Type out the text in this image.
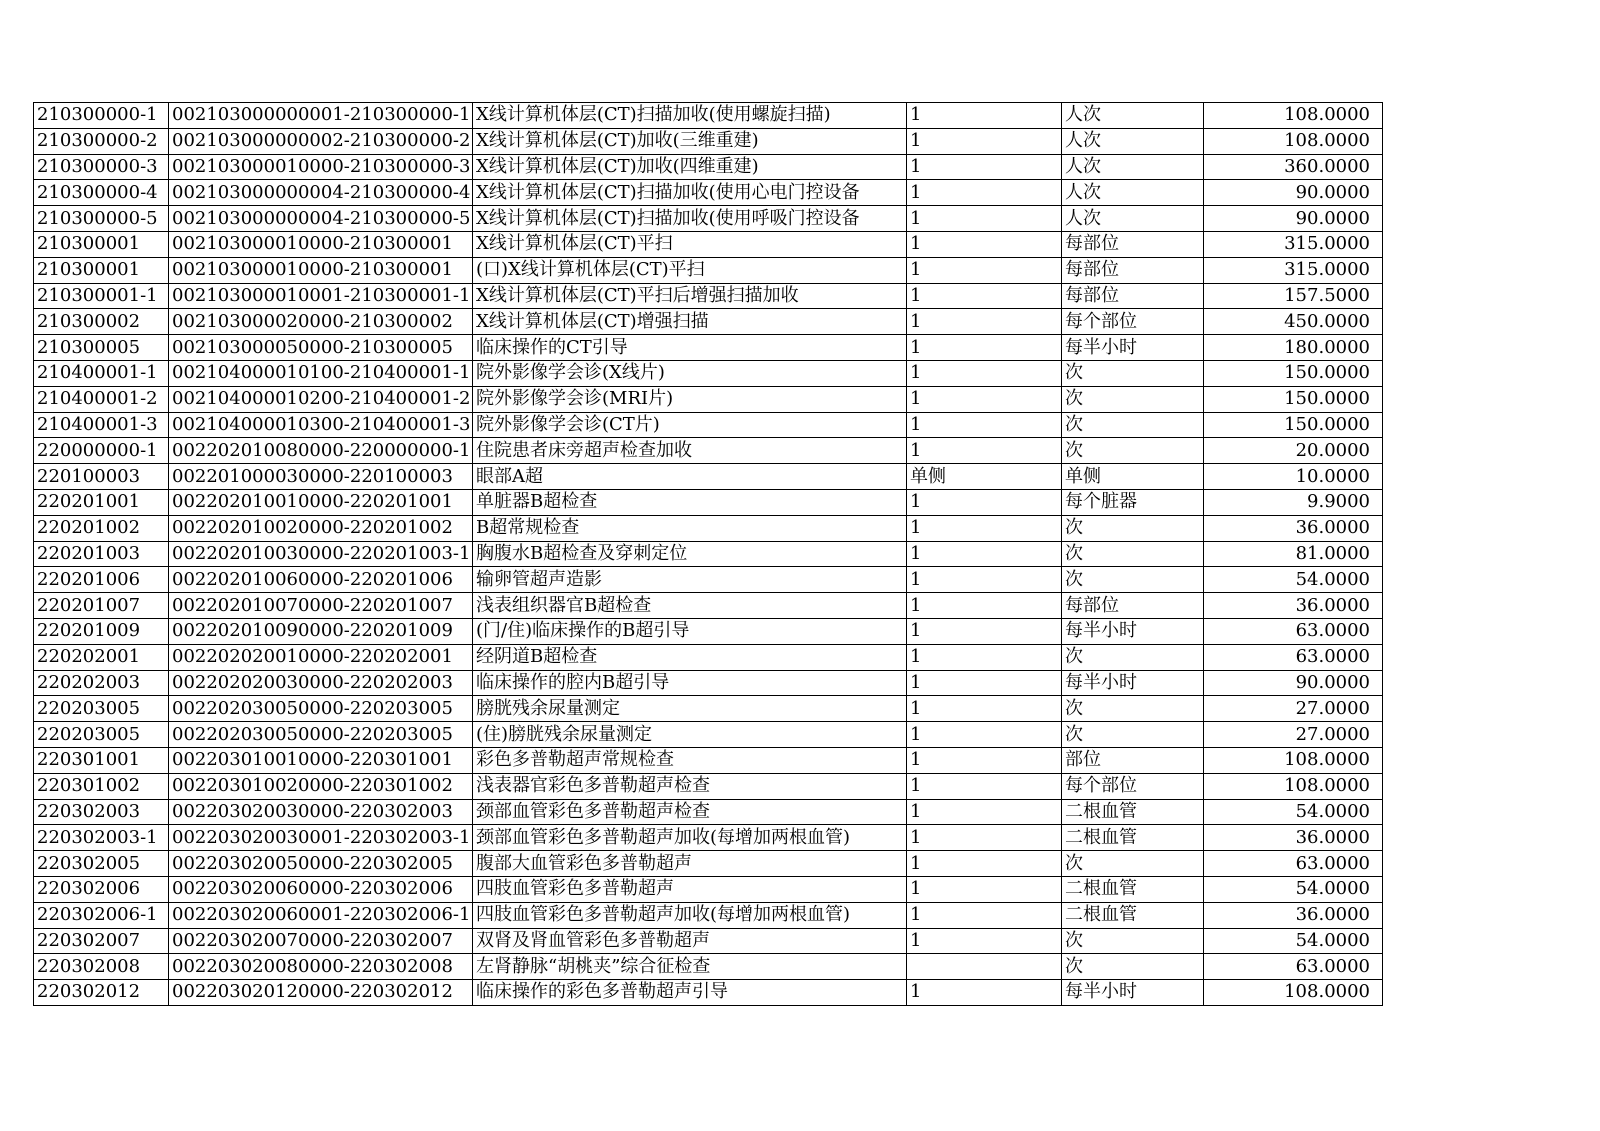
210300000-1	002103000000001-210300000-1	X线计算机体层(CT)扫描加收(使用螺旋扫描)	1	人次	108.0000
210300000-2	002103000000002-210300000-2	X线计算机体层(CT)加收(三维重建)	1	人次	108.0000
210300000-3	002103000010000-210300000-3	X线计算机体层(CT)加收(四维重建)	1	人次	360.0000
210300000-4	002103000000004-210300000-4	X线计算机体层(CT)扫描加收(使用心电门控设备	1	人次	90.0000
210300000-5	002103000000004-210300000-5	X线计算机体层(CT)扫描加收(使用呼吸门控设备	1	人次	90.0000
210300001	002103000010000-210300001	X线计算机体层(CT)平扫	1	每部位	315.0000
210300001	002103000010000-210300001	(口)X线计算机体层(CT)平扫	1	每部位	315.0000
210300001-1	002103000010001-210300001-1	X线计算机体层(CT)平扫后增强扫描加收	1	每部位	157.5000
210300002	002103000020000-210300002	X线计算机体层(CT)增强扫描	1	每个部位	450.0000
210300005	002103000050000-210300005	临床操作的CT引导	1	每半小时	180.0000
210400001-1	002104000010100-210400001-1	院外影像学会诊(X线片)	1	次	150.0000
210400001-2	002104000010200-210400001-2	院外影像学会诊(MRI片)	1	次	150.0000
210400001-3	002104000010300-210400001-3	院外影像学会诊(CT片)	1	次	150.0000
220000000-1	002202010080000-220000000-1	住院患者床旁超声检查加收	1	次	20.0000
220100003	002201000030000-220100003	眼部A超	单侧	单侧	10.0000
220201001	002202010010000-220201001	单脏器B超检查	1	每个脏器	9.9000
220201002	002202010020000-220201002	B超常规检查	1	次	36.0000
220201003	002202010030000-220201003-1	胸腹水B超检查及穿刺定位	1	次	81.0000
220201006	002202010060000-220201006	输卵管超声造影	1	次	54.0000
220201007	002202010070000-220201007	浅表组织器官B超检查	1	每部位	36.0000
220201009	002202010090000-220201009	(门/住)临床操作的B超引导	1	每半小时	63.0000
220202001	002202020010000-220202001	经阴道B超检查	1	次	63.0000
220202003	002202020030000-220202003	临床操作的腔内B超引导	1	每半小时	90.0000
220203005	002202030050000-220203005	膀胱残余尿量测定	1	次	27.0000
220203005	002202030050000-220203005	(住)膀胱残余尿量测定	1	次	27.0000
220301001	002203010010000-220301001	彩色多普勒超声常规检查	1	部位	108.0000
220301002	002203010020000-220301002	浅表器官彩色多普勒超声检查	1	每个部位	108.0000
220302003	002203020030000-220302003	颈部血管彩色多普勒超声检查	1	二根血管	54.0000
220302003-1	002203020030001-220302003-1	颈部血管彩色多普勒超声加收(每增加两根血管)	1	二根血管	36.0000
220302005	002203020050000-220302005	腹部大血管彩色多普勒超声	1	次	63.0000
220302006	002203020060000-220302006	四肢血管彩色多普勒超声	1	二根血管	54.0000
220302006-1	002203020060001-220302006-1	四肢血管彩色多普勒超声加收(每增加两根血管)	1	二根血管	36.0000
220302007	002203020070000-220302007	双肾及肾血管彩色多普勒超声	1	次	54.0000
220302008	002203020080000-220302008	左肾静脉“胡桃夹”综合征检查		次	63.0000
220302012	002203020120000-220302012	临床操作的彩色多普勒超声引导	1	每半小时	108.0000
